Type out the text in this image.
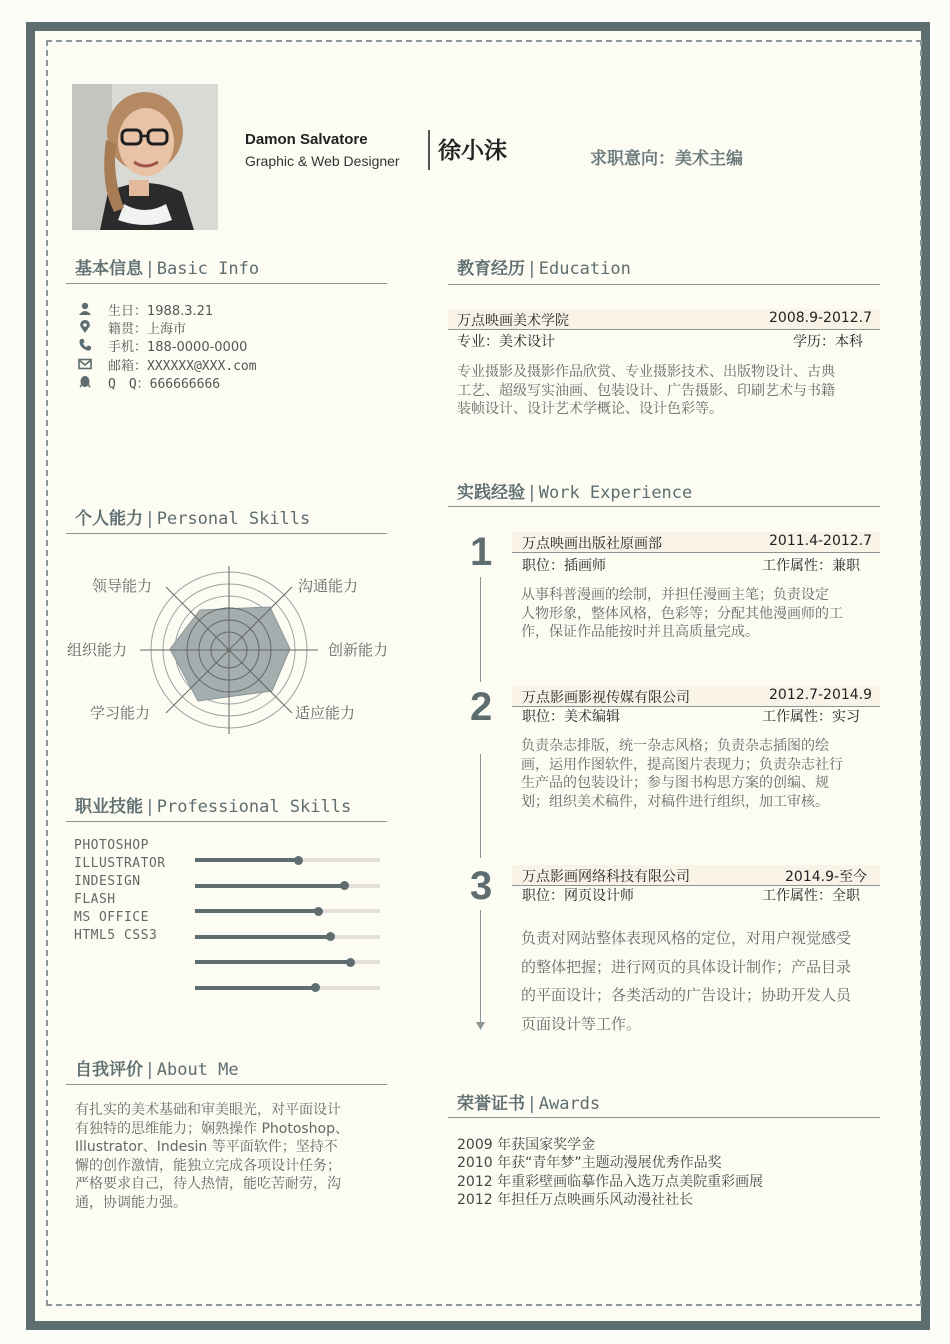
Damon Salvatore
Graphic & Web Designer 徐小沫	求职意向：美术主编
基本信息 | Basic Info
生日：1988.3.21
籍贯：上海市
手机：188-0000-0000
邮箱：XXXXXX@XXX.com
Q　Q：666666666
个人能力 | Personal Skills
领导能力	沟通能力
组织能力	创新能力
学习能力	适应能力
职业技能 | Professional Skills
PHOTOSHOP
ILLUSTRATOR
INDESIGN
FLASH
MS OFFICE
HTML5 CSS3
自我评价 | About Me
有扎实的美术基础和审美眼光，对平面设计
有独特的思维能力；娴熟操作 Photoshop、
Illustrator、Indesin 等平面软件；坚持不
懈的创作激情，能独立完成各项设计任务；
严格要求自己，待人热情，能吃苦耐劳，沟
通，协调能力强。
教育经历 | Education
万点映画美术学院	2008.9-2012.7
专业：美术设计	学历：本科
专业摄影及摄影作品欣赏、专业摄影技术、出版物设计、古典
工艺、超级写实油画、包装设计、广告摄影、印刷艺术与书籍
装帧设计、设计艺术学概论、设计色彩等。
实践经验 | Work Experience
1 万点映画出版社原画部	2011.4-2012.7
职位：插画师	工作属性：兼职
从事科普漫画的绘制，并担任漫画主笔；负责设定
人物形象，整体风格，色彩等；分配其他漫画师的工
作，保证作品能按时并且高质量完成。
2 万点影画影视传媒有限公司	2012.7-2014.9
职位：美术编辑	工作属性：实习
负责杂志排版，统一杂志风格；负责杂志插图的绘
画，运用作图软件，提高图片表现力；负责杂志社行
生产品的包装设计；参与图书构思方案的创编、规
划；组织美术稿件，对稿件进行组织，加工审核。
3 万点影画网络科技有限公司	2014.9-至今
职位：网页设计师	工作属性：全职
负责对网站整体表现风格的定位，对用户视觉感受
的整体把握；进行网页的具体设计制作；产品目录
的平面设计；各类活动的广告设计；协助开发人员
页面设计等工作。
荣誉证书 | Awards
2009 年获国家奖学金
2010 年获“青年梦”主题动漫展优秀作品奖
2012 年重彩壁画临摹作品入选万点美院重彩画展
2012 年担任万点映画乐风动漫社社长
